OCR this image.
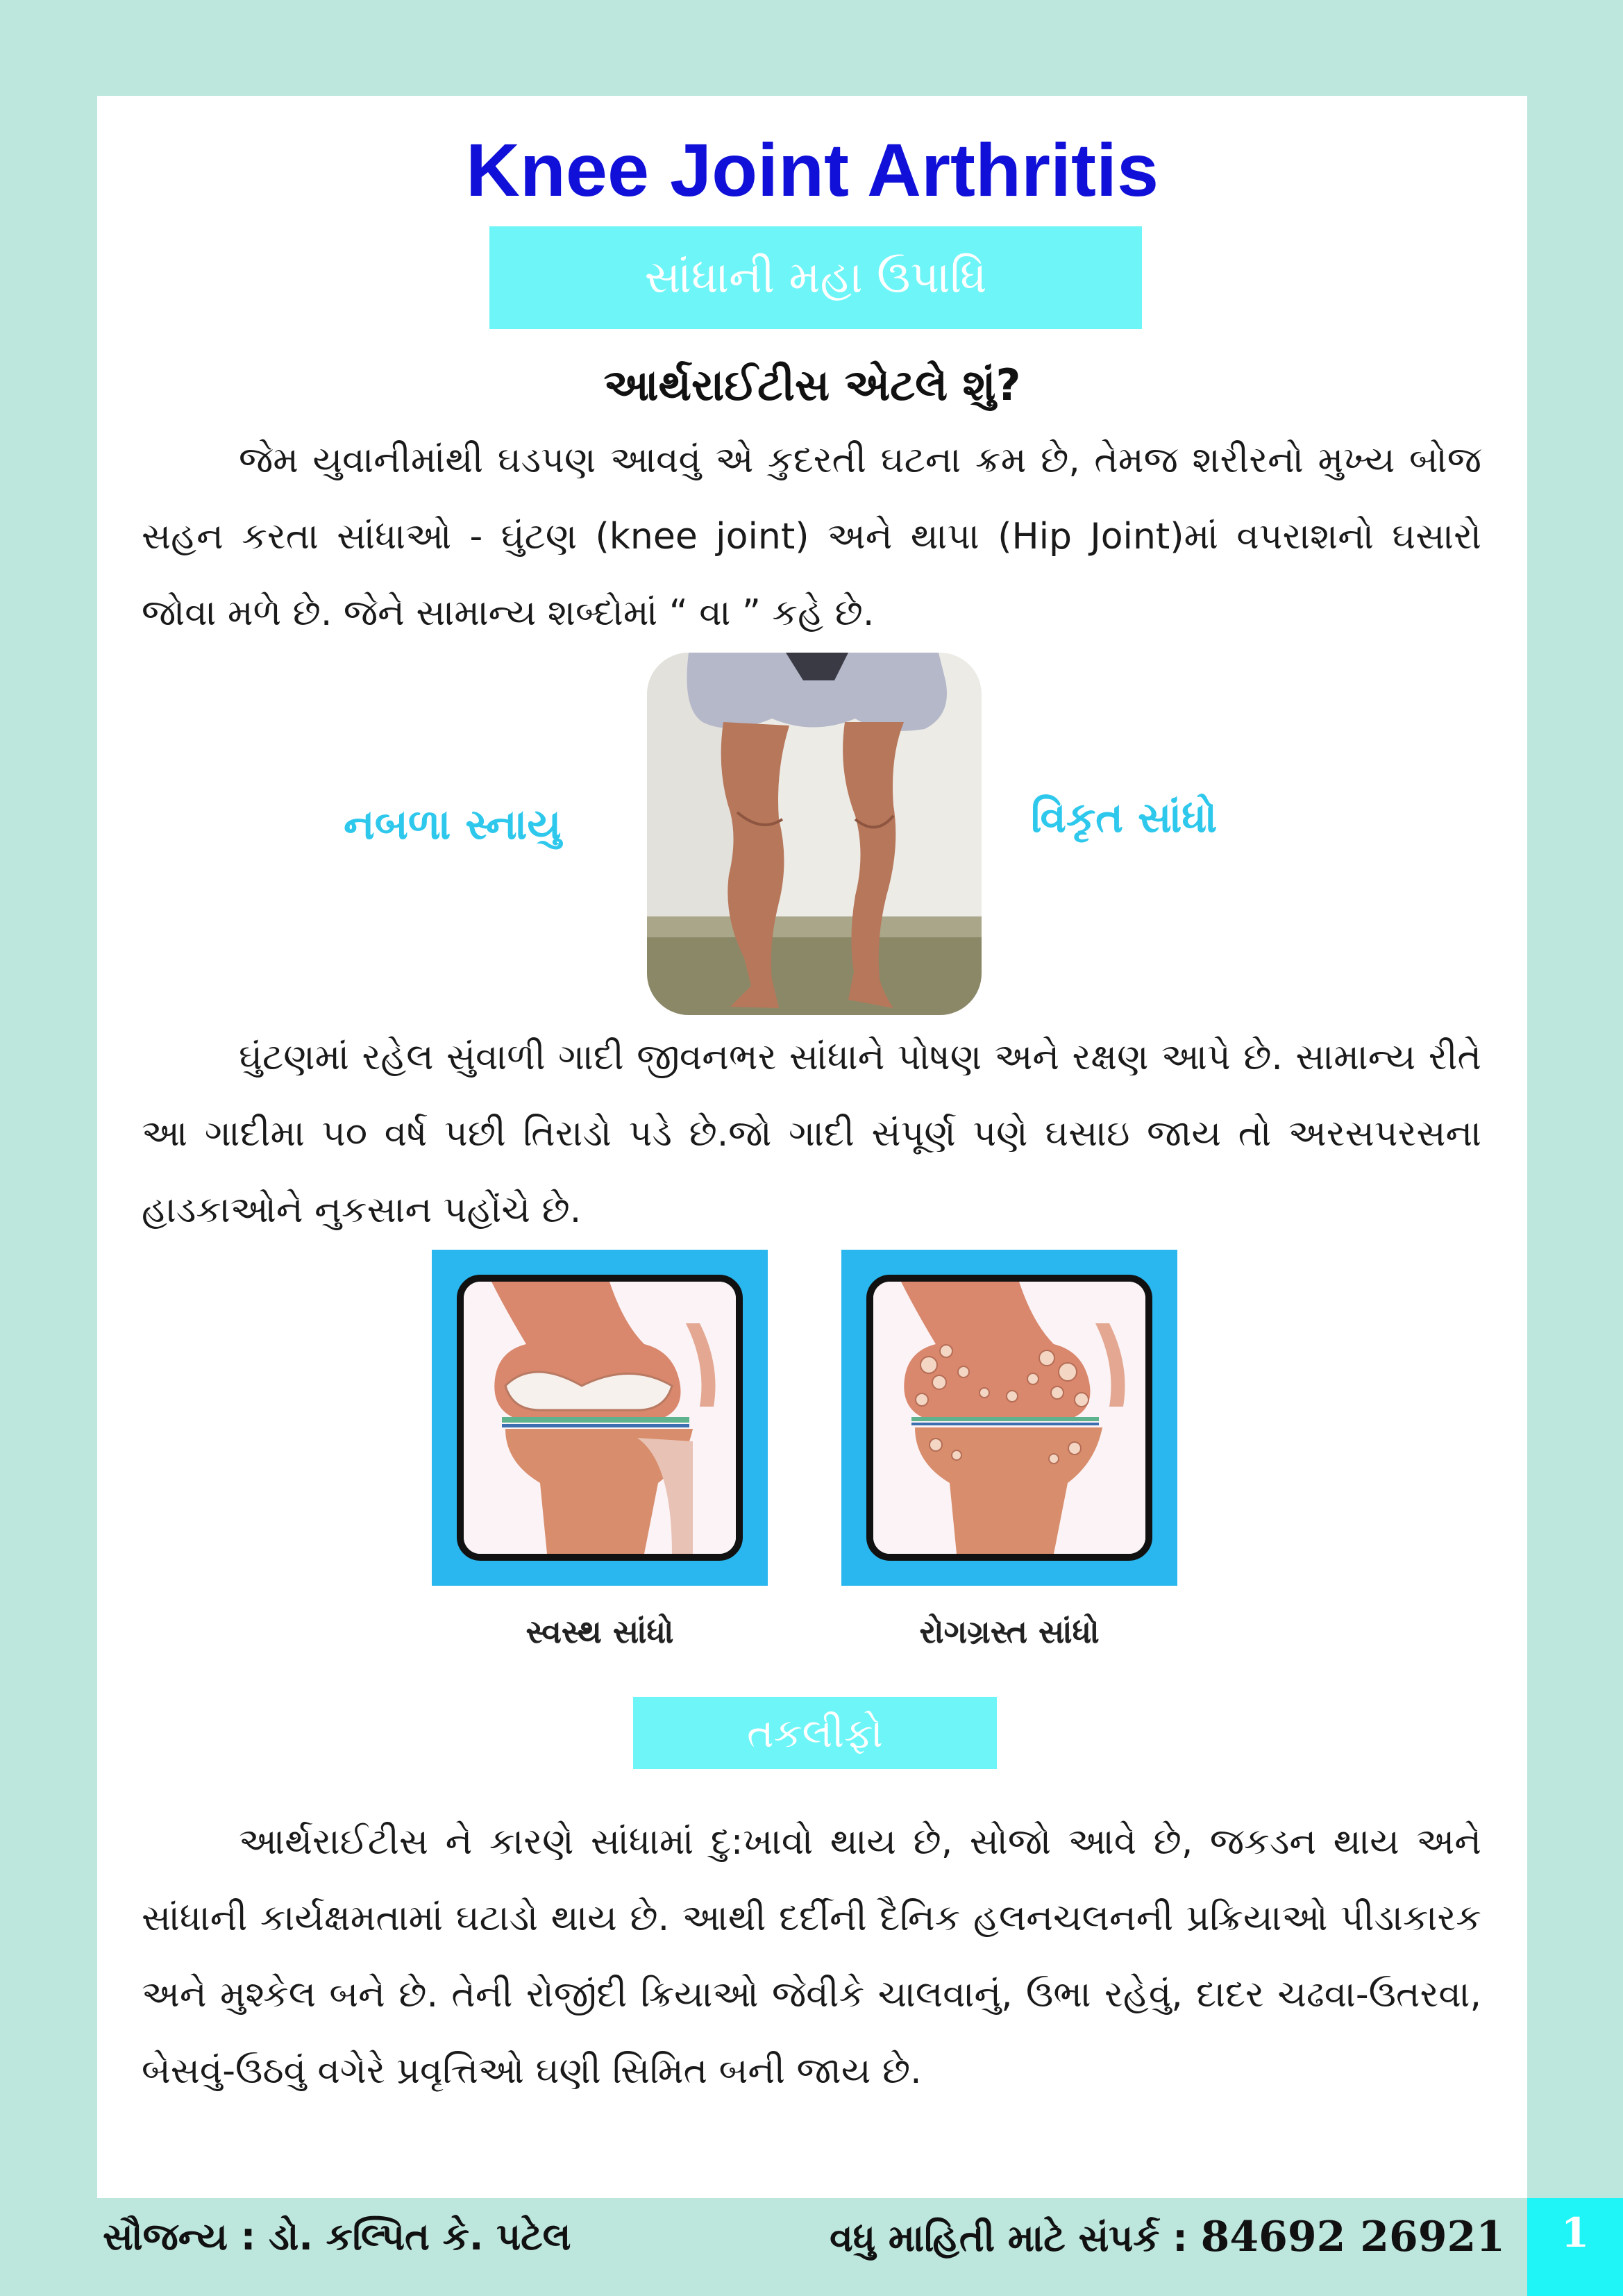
Knee Joint Arthritis
સાંધાની મહા ઉપાધિ
આર્થરાઈટીસ એટલે શું?

જેમ યુવાનીમાંથી ઘડપણ આવવું એ કુદરતી ઘટના ક્રમ છે, તેમજ શરીરનો મુખ્ય બોજ સહન કરતા સાંધાઓ - ઘુંટણ (knee joint) અને થાપા (Hip Joint)માં વપરાશનો ઘસારો જોવા મળે છે. જેને સામાન્ય શબ્દોમાં “ વા ” કહે છે.

નબળા સ્નાયુ	વિકૃત સાંધો

ઘુંટણમાં રહેલ સુંવાળી ગાદી જીવનભર સાંધાને પોષણ અને રક્ષણ આપે છે. સામાન્ય રીતે આ ગાદીમા ૫૦ વર્ષ પછી તિરાડો પડે છે.જો ગાદી સંપૂર્ણ પણે ઘસાઇ જાય તો અરસપરસના હાડકાઓને નુકસાન પહોંચે છે.

સ્વસ્થ સાંધો	રોગગ્રસ્ત સાંધો
તકલીફો

આર્થરાઈટીસ ને કારણે સાંધામાં દુ:ખાવો થાય છે, સોજો આવે છે, જકડન થાય અને સાંધાની કાર્યક્ષમતામાં ઘટાડો થાય છે. આથી દર્દીની દૈનિક હલનચલનની પ્રક્રિયાઓ પીડાકારક અને મુશ્કેલ બને છે. તેની રોજીંદી ક્રિયાઓ જેવીકે ચાલવાનું, ઉભા રહેવું, દાદર ચઢવા-ઉતરવા, બેસવું-ઉઠવું વગેરે પ્રવૃત્તિઓ ઘણી સિમિત બની જાય છે.

સૌજન્ય : ડો. કલ્પિત કે. પટેલ	વધુ માહિતી માટે સંપર્ક : 84692 26921	1
